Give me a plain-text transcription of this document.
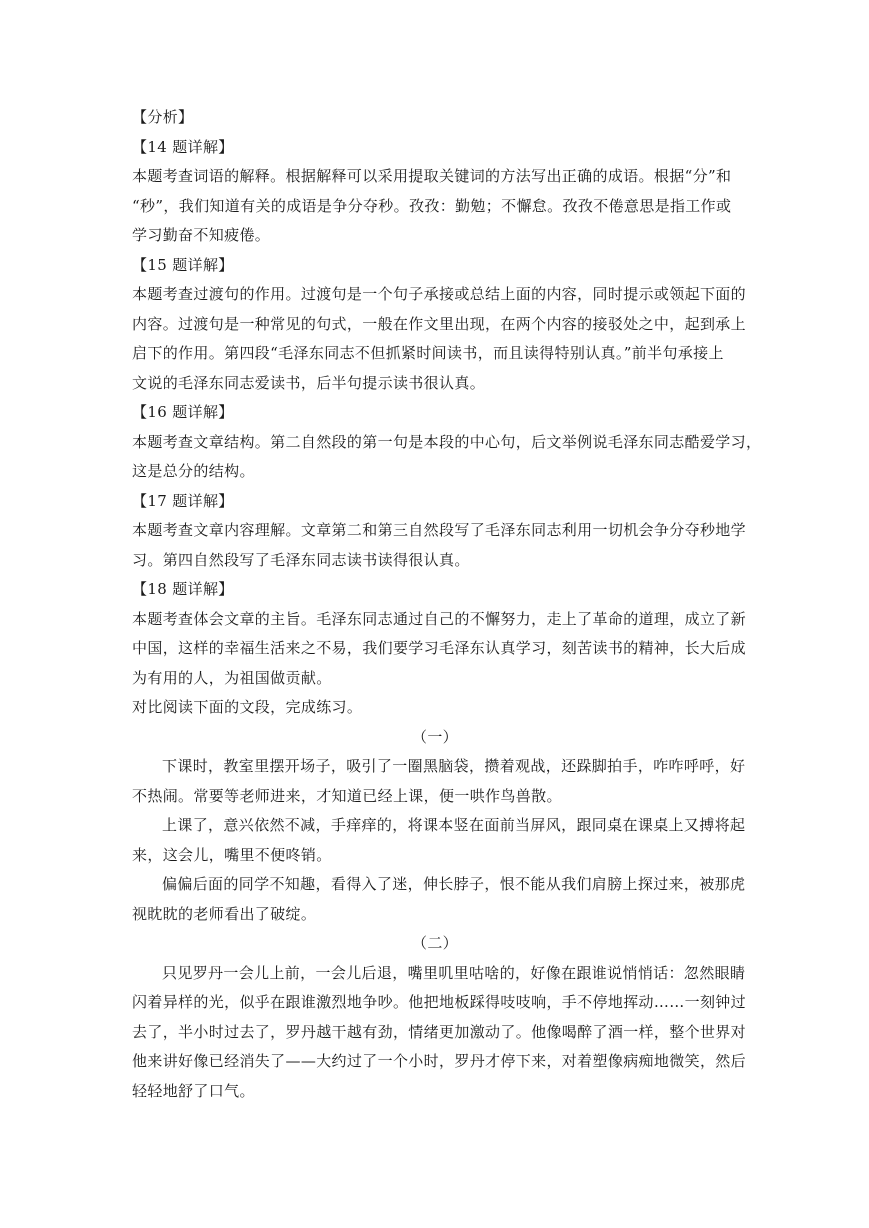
【分析】
【14 题详解】
本题考查词语的解释。根据解释可以采用提取关键词的方法写出正确的成语。根据“分”和
“秒”，我们知道有关的成语是争分夺秒。孜孜：勤勉；不懈怠。孜孜不倦意思是指工作或
学习勤奋不知疲倦。
【15 题详解】
本题考查过渡句的作用。过渡句是一个句子承接或总结上面的内容，同时提示或领起下面的
内容。过渡句是一种常见的句式，一般在作文里出现，在两个内容的接驳处之中，起到承上
启下的作用。第四段“毛泽东同志不但抓紧时间读书，而且读得特别认真。”前半句承接上
文说的毛泽东同志爱读书，后半句提示读书很认真。
【16 题详解】
本题考查文章结构。第二自然段的第一句是本段的中心句，后文举例说毛泽东同志酷爱学习，
这是总分的结构。
【17 题详解】
本题考查文章内容理解。文章第二和第三自然段写了毛泽东同志利用一切机会争分夺秒地学
习。第四自然段写了毛泽东同志读书读得很认真。
【18 题详解】
本题考查体会文章的主旨。毛泽东同志通过自己的不懈努力，走上了革命的道理，成立了新
中国，这样的幸福生活来之不易，我们要学习毛泽东认真学习，刻苦读书的精神，长大后成
为有用的人，为祖国做贡献。
对比阅读下面的文段，完成练习。
（一）
下课时，教室里摆开场子，吸引了一圈黑脑袋，攒着观战，还跺脚拍手，咋咋呼呼，好
不热闹。常要等老师进来，才知道已经上课，便一哄作鸟兽散。
上课了，意兴依然不减，手痒痒的，将课本竖在面前当屏风，跟同桌在课桌上又搏将起
来，这会儿，嘴里不便咚销。
偏偏后面的同学不知趣，看得入了迷，伸长脖子，恨不能从我们肩膀上探过来，被那虎
视眈眈的老师看出了破绽。
（二）
只见罗丹一会儿上前，一会儿后退，嘴里叽里咕啥的，好像在跟谁说悄悄话：忽然眼睛
闪着异样的光，似乎在跟谁激烈地争吵。他把地板踩得吱吱响，手不停地挥动……一刻钟过
去了，半小时过去了，罗丹越干越有劲，情绪更加激动了。他像喝醉了酒一样，整个世界对
他来讲好像已经消失了——大约过了一个小时，罗丹才停下来，对着塑像病痴地微笑，然后
轻轻地舒了口气。
